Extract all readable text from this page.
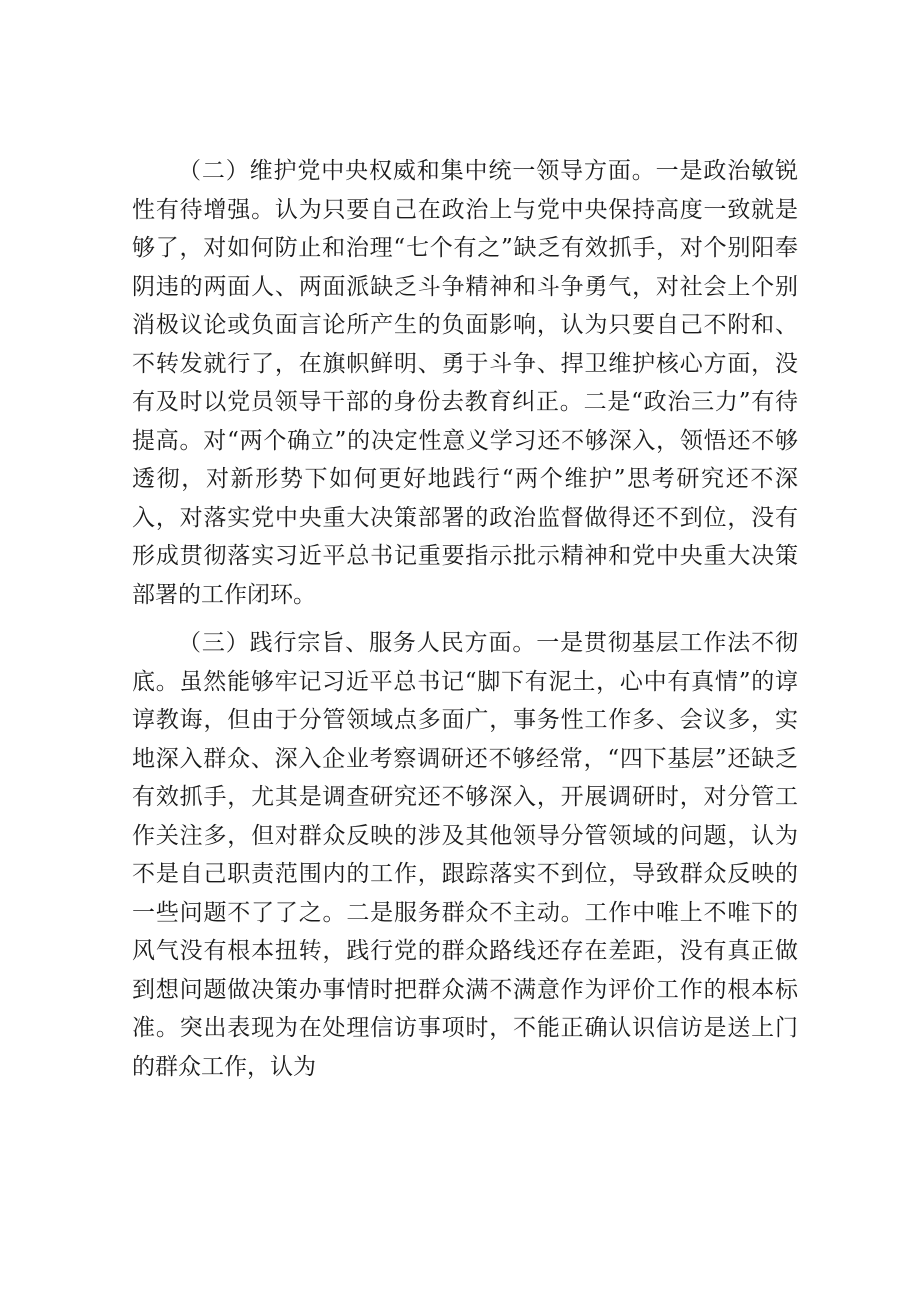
（二）维护党中央权威和集中统一领导方面。一是政治敏锐性有待增强。认为只要自己在政治上与党中央保持高度一致就是够了，对如何防止和治理“七个有之”缺乏有效抓手，对个别阳奉阴违的两面人、两面派缺乏斗争精神和斗争勇气，对社会上个别消极议论或负面言论所产生的负面影响，认为只要自己不附和、不转发就行了，在旗帜鲜明、勇于斗争、捍卫维护核心方面，没有及时以党员领导干部的身份去教育纠正。二是“政治三力”有待提高。对“两个确立”的决定性意义学习还不够深入，领悟还不够透彻，对新形势下如何更好地践行“两个维护”思考研究还不深入，对落实党中央重大决策部署的政治监督做得还不到位，没有形成贯彻落实习近平总书记重要指示批示精神和党中央重大决策部署的工作闭环。

（三）践行宗旨、服务人民方面。一是贯彻基层工作法不彻底。虽然能够牢记习近平总书记“脚下有泥土，心中有真情”的谆谆教诲，但由于分管领域点多面广，事务性工作多、会议多，实地深入群众、深入企业考察调研还不够经常，“四下基层”还缺乏有效抓手，尤其是调查研究还不够深入，开展调研时，对分管工作关注多，但对群众反映的涉及其他领导分管领域的问题，认为不是自己职责范围内的工作，跟踪落实不到位，导致群众反映的一些问题不了了之。二是服务群众不主动。工作中唯上不唯下的风气没有根本扭转，践行党的群众路线还存在差距，没有真正做到想问题做决策办事情时把群众满不满意作为评价工作的根本标准。突出表现为在处理信访事项时，不能正确认识信访是送上门的群众工作，认为
